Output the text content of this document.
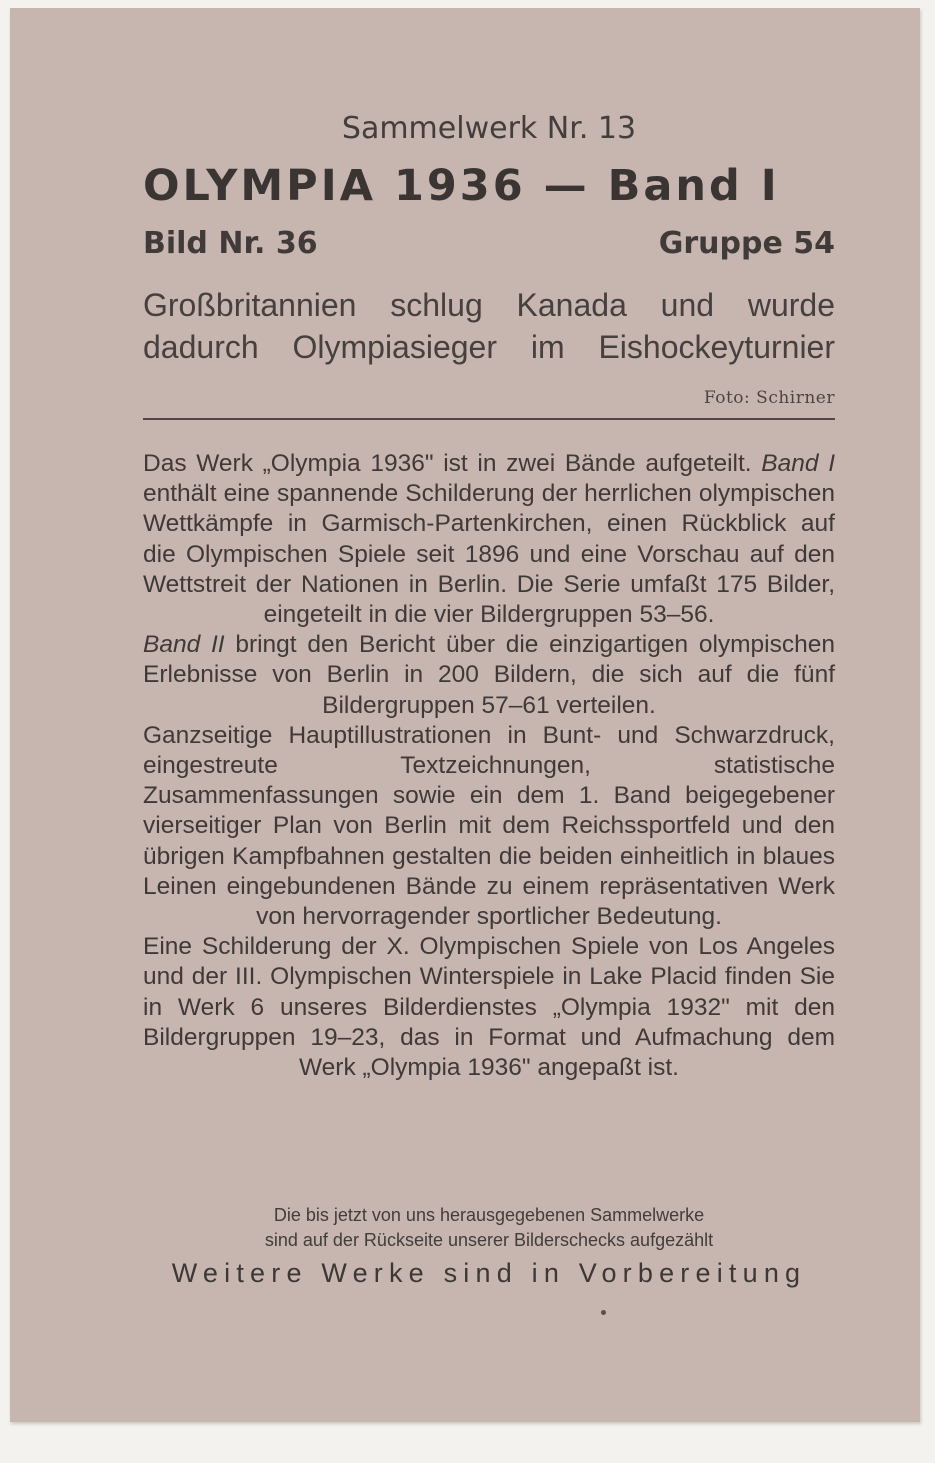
Sammelwerk Nr. 13
OLYMPIA 1936 — Band I
Bild Nr. 36	Gruppe 54
Großbritannien schlug Kanada und wurde
dadurch Olympiasieger im Eishockeyturnier
Foto: Schirner

Das Werk „Olympia 1936" ist in zwei Bände aufgeteilt. Band I enthält eine spannende Schilderung der herrlichen olympischen Wettkämpfe in Garmisch-Partenkirchen, einen Rückblick auf die Olympischen Spiele seit 1896 und eine Vorschau auf den Wettstreit der Nationen in Berlin. Die Serie umfaßt 175 Bilder, eingeteilt in die vier Bildergruppen 53–56.

Band II bringt den Bericht über die einzigartigen olympischen Erlebnisse von Berlin in 200 Bildern, die sich auf die fünf Bildergruppen 57–61 verteilen.

Ganzseitige Hauptillustrationen in Bunt- und Schwarzdruck, eingestreute Textzeichnungen, statistische Zusammenfassungen sowie ein dem 1. Band beigegebener vierseitiger Plan von Berlin mit dem Reichssportfeld und den übrigen Kampfbahnen gestalten die beiden einheitlich in blaues Leinen eingebundenen Bände zu einem repräsentativen Werk von hervorragender sportlicher Bedeutung.

Eine Schilderung der X. Olympischen Spiele von Los Angeles und der III. Olympischen Winterspiele in Lake Placid finden Sie in Werk 6 unseres Bilderdienstes „Olympia 1932" mit den Bildergruppen 19–23, das in Format und Aufmachung dem Werk „Olympia 1936" angepaßt ist.

Die bis jetzt von uns herausgegebenen Sammelwerke
sind auf der Rückseite unserer Bilderschecks aufgezählt
Weitere Werke sind in Vorbereitung
